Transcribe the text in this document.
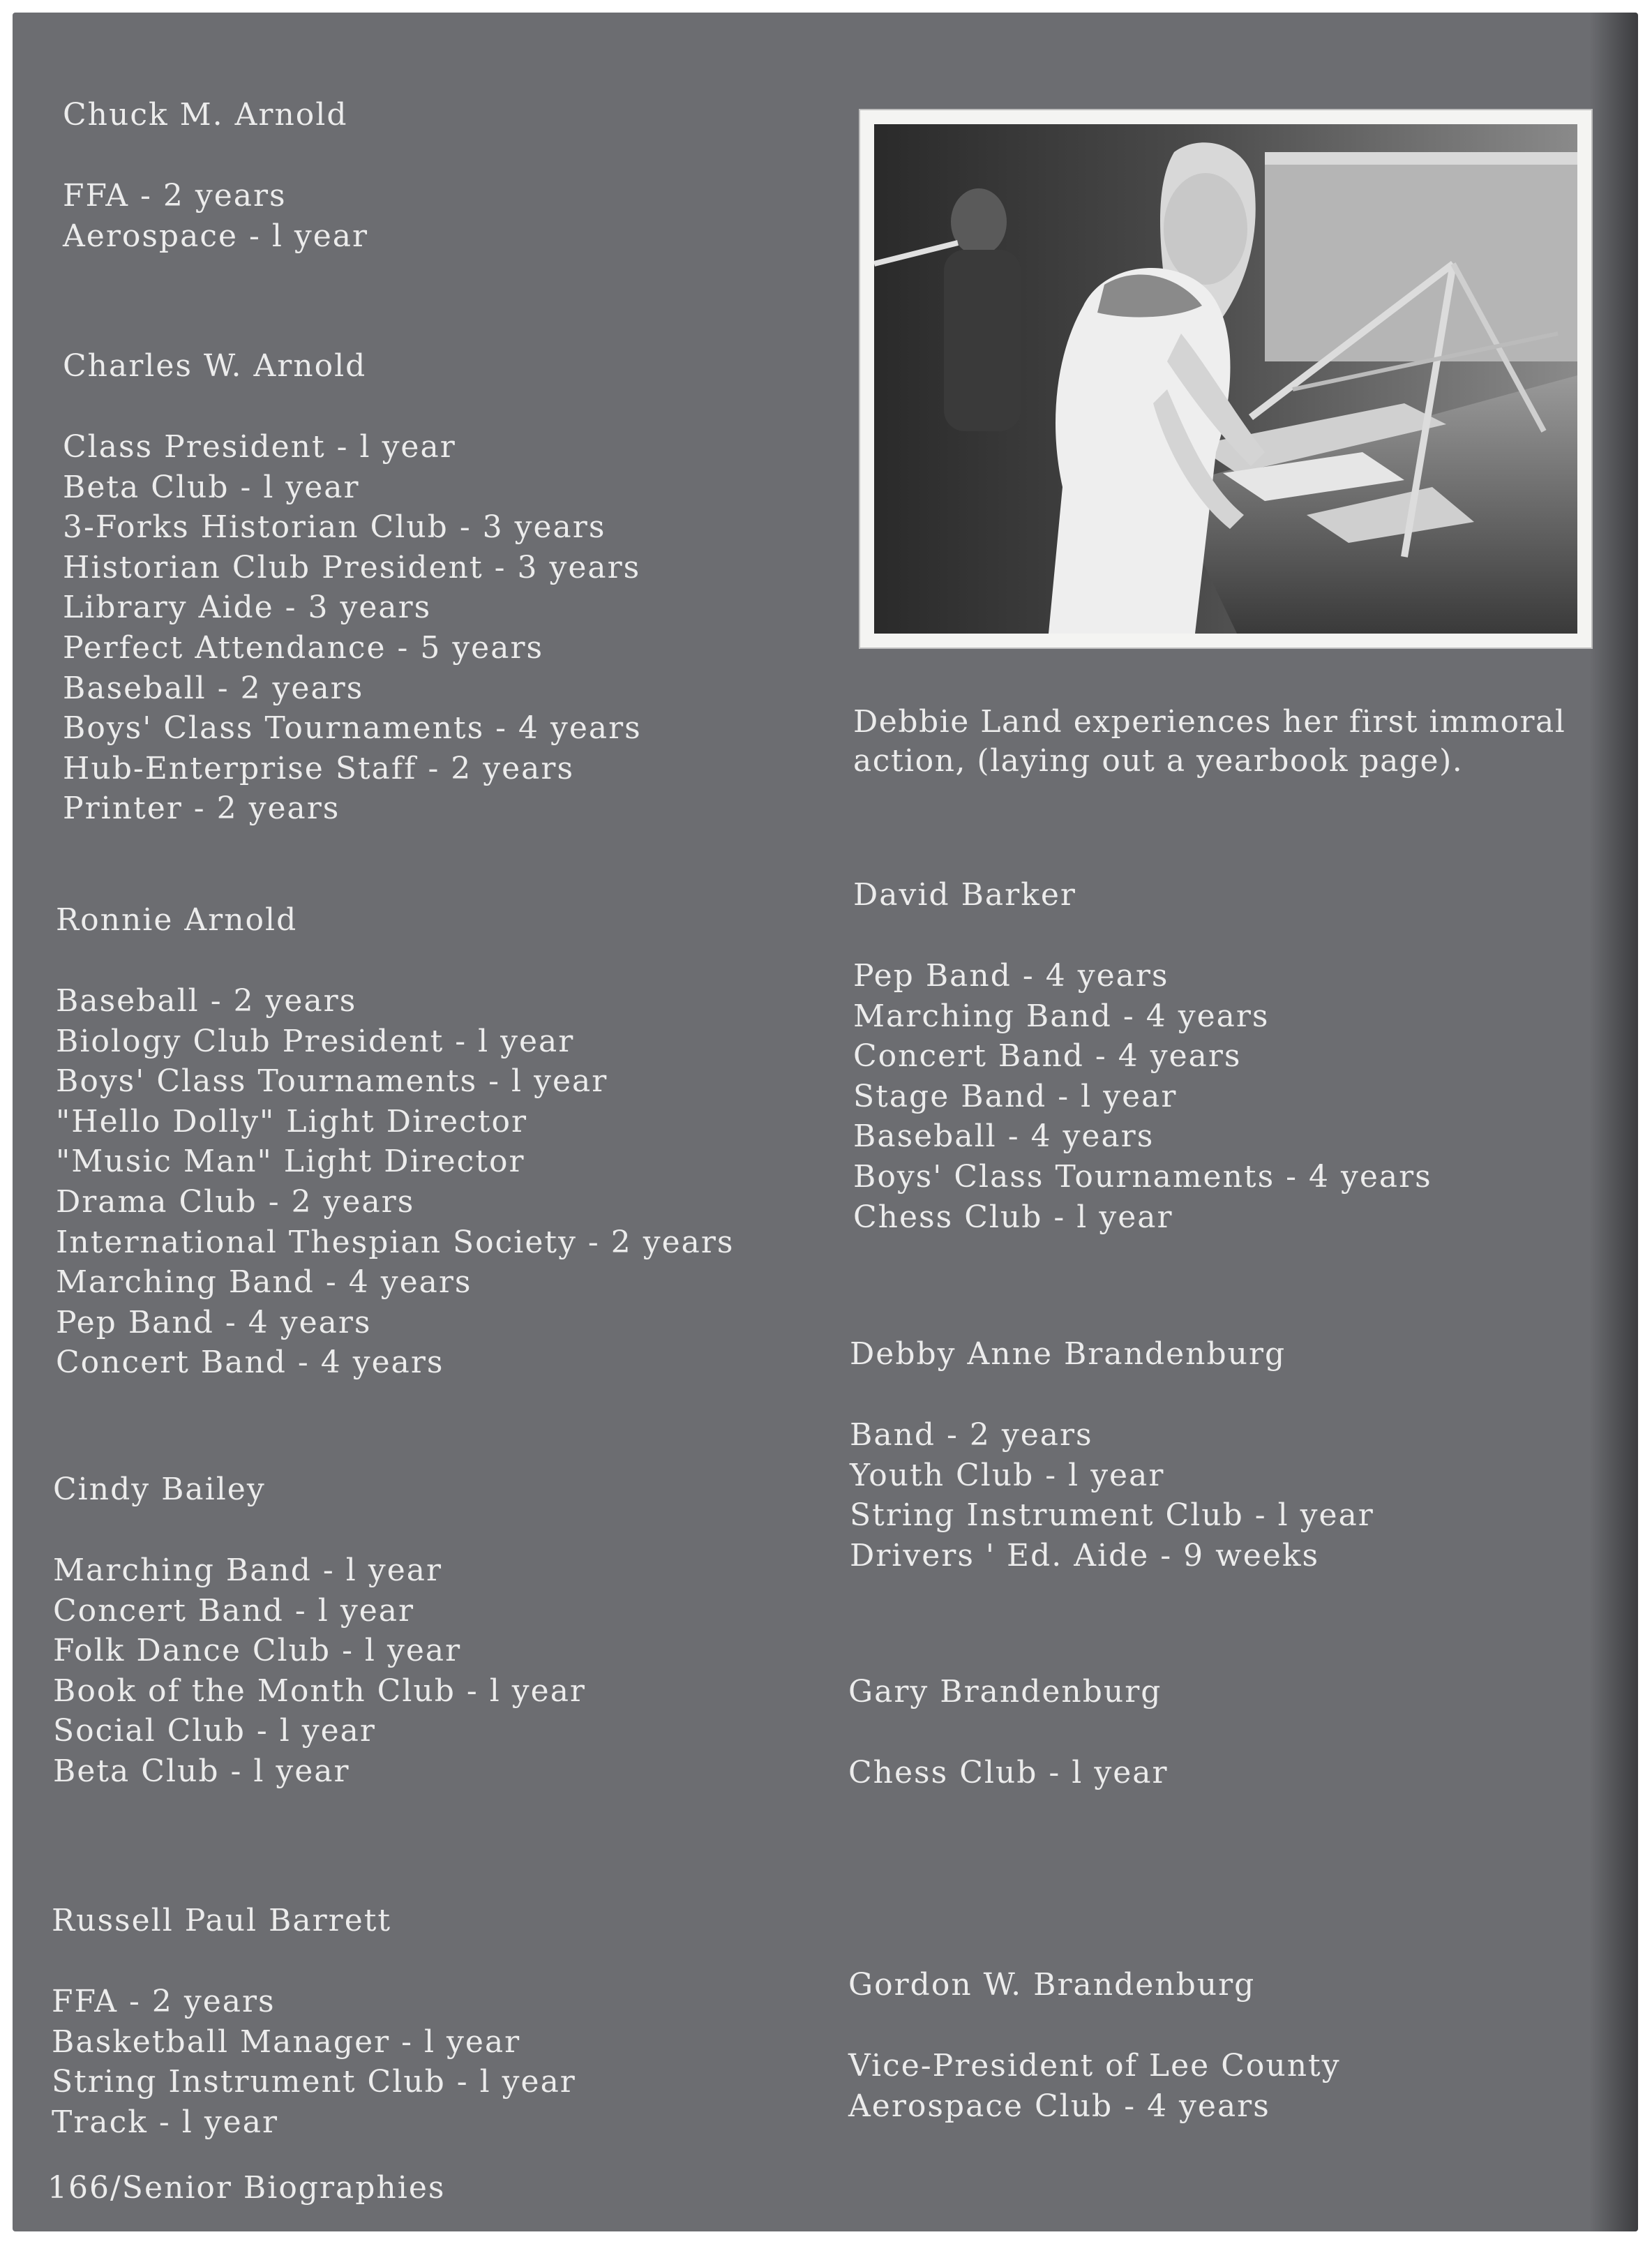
Chuck M. Arnold

FFA - 2 years
Aerospace - l year

Charles W. Arnold

Class President - l year
Beta Club - l year
3-Forks Historian Club - 3 years
Historian Club President - 3 years
Library Aide - 3 years
Perfect Attendance - 5 years
Baseball - 2 years
Boys' Class Tournaments - 4 years
Hub-Enterprise Staff - 2 years
Printer - 2 years

Ronnie Arnold

Baseball - 2 years
Biology Club President - l year
Boys' Class Tournaments - l year
"Hello Dolly" Light Director
"Music Man" Light Director
Drama Club - 2 years
International Thespian Society - 2 years
Marching Band - 4 years
Pep Band - 4 years
Concert Band - 4 years

Cindy Bailey

Marching Band - l year
Concert Band - l year
Folk Dance Club - l year
Book of the Month Club - l year
Social Club - l year
Beta Club - l year

Russell Paul Barrett

FFA - 2 years
Basketball Manager - l year
String Instrument Club - l year
Track - l year

Debbie Land experiences her first immoral action, (laying out a yearbook page).

David Barker

Pep Band - 4 years
Marching Band - 4 years
Concert Band - 4 years
Stage Band - l year
Baseball - 4 years
Boys' Class Tournaments - 4 years
Chess Club - l year

Debby Anne Brandenburg

Band - 2 years
Youth Club - l year
String Instrument Club - l year
Drivers ' Ed. Aide - 9 weeks

Gary Brandenburg

Chess Club - l year

Gordon W. Brandenburg

Vice-President of Lee County
Aerospace Club - 4 years
166/Senior Biographies
